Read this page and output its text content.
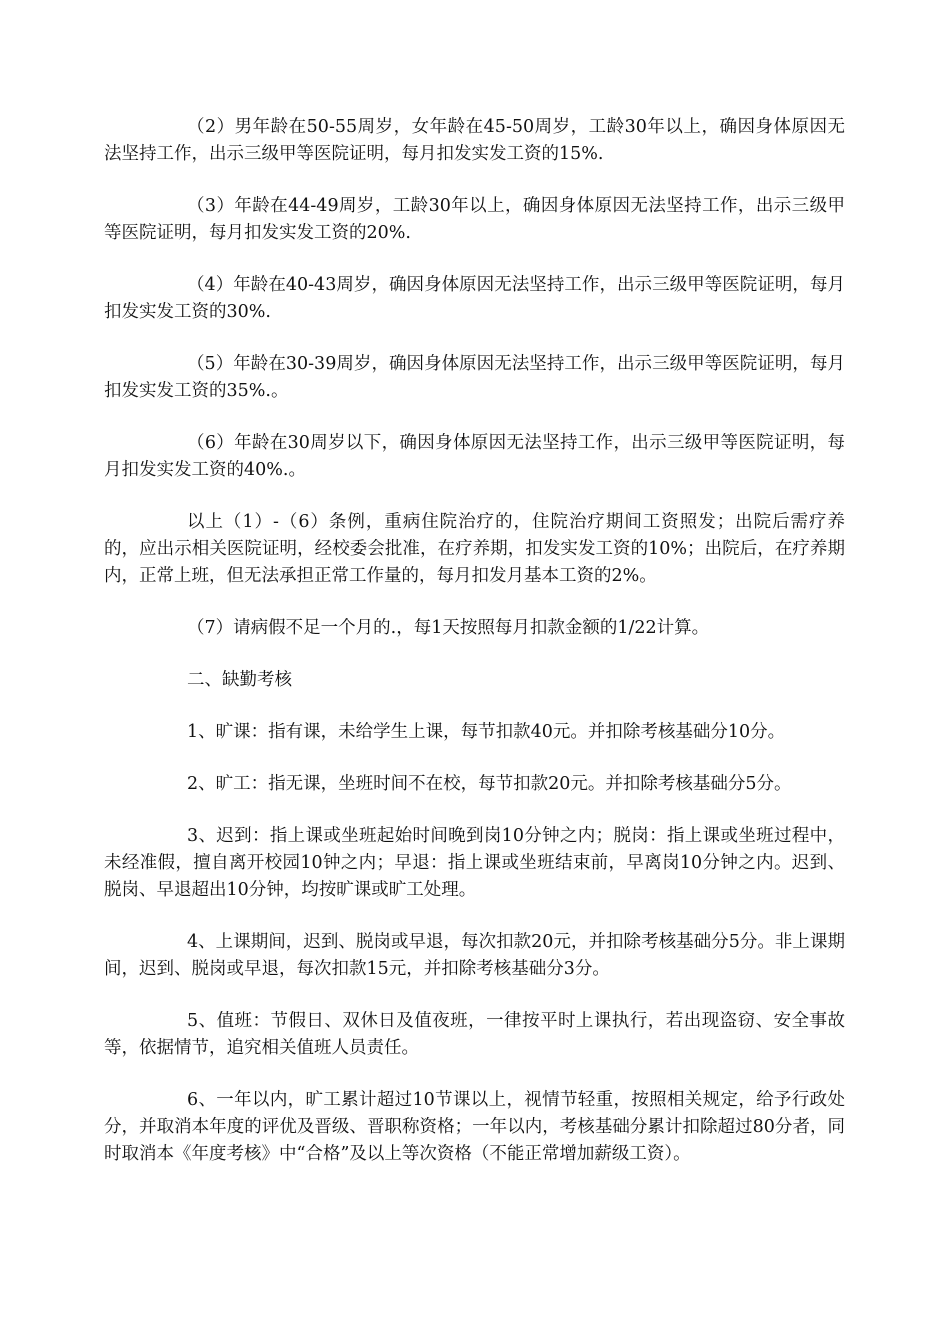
（2）男年龄在50-55周岁，女年龄在45-50周岁，工龄30年以上，确因身体原因无法坚持工作，出示三级甲等医院证明，每月扣发实发工资的15%.

（3）年龄在44-49周岁，工龄30年以上，确因身体原因无法坚持工作，出示三级甲等医院证明，每月扣发实发工资的20%.

（4）年龄在40-43周岁，确因身体原因无法坚持工作，出示三级甲等医院证明，每月扣发实发工资的30%.

（5）年龄在30-39周岁，确因身体原因无法坚持工作，出示三级甲等医院证明，每月扣发实发工资的35%.。

（6）年龄在30周岁以下，确因身体原因无法坚持工作，出示三级甲等医院证明，每月扣发实发工资的40%.。

以上（1）-（6）条例，重病住院治疗的，住院治疗期间工资照发；出院后需疗养的，应出示相关医院证明，经校委会批准，在疗养期，扣发实发工资的10%；出院后，在疗养期内，正常上班，但无法承担正常工作量的，每月扣发月基本工资的2%。

（7）请病假不足一个月的.，每1天按照每月扣款金额的1/22计算。

二、缺勤考核

1、旷课：指有课，未给学生上课，每节扣款40元。并扣除考核基础分10分。

2、旷工：指无课，坐班时间不在校，每节扣款20元。并扣除考核基础分5分。

3、迟到：指上课或坐班起始时间晚到岗10分钟之内；脱岗：指上课或坐班过程中，未经准假，擅自离开校园10钟之内；早退：指上课或坐班结束前，早离岗10分钟之内。迟到、脱岗、早退超出10分钟，均按旷课或旷工处理。

4、上课期间，迟到、脱岗或早退，每次扣款20元，并扣除考核基础分5分。非上课期间，迟到、脱岗或早退，每次扣款15元，并扣除考核基础分3分。

5、值班：节假日、双休日及值夜班，一律按平时上课执行，若出现盗窃、安全事故等，依据情节，追究相关值班人员责任。

6、一年以内，旷工累计超过10节课以上，视情节轻重，按照相关规定，给予行政处分，并取消本年度的评优及晋级、晋职称资格；一年以内，考核基础分累计扣除超过80分者，同时取消本《年度考核》中“合格”及以上等次资格（不能正常增加薪级工资）。
